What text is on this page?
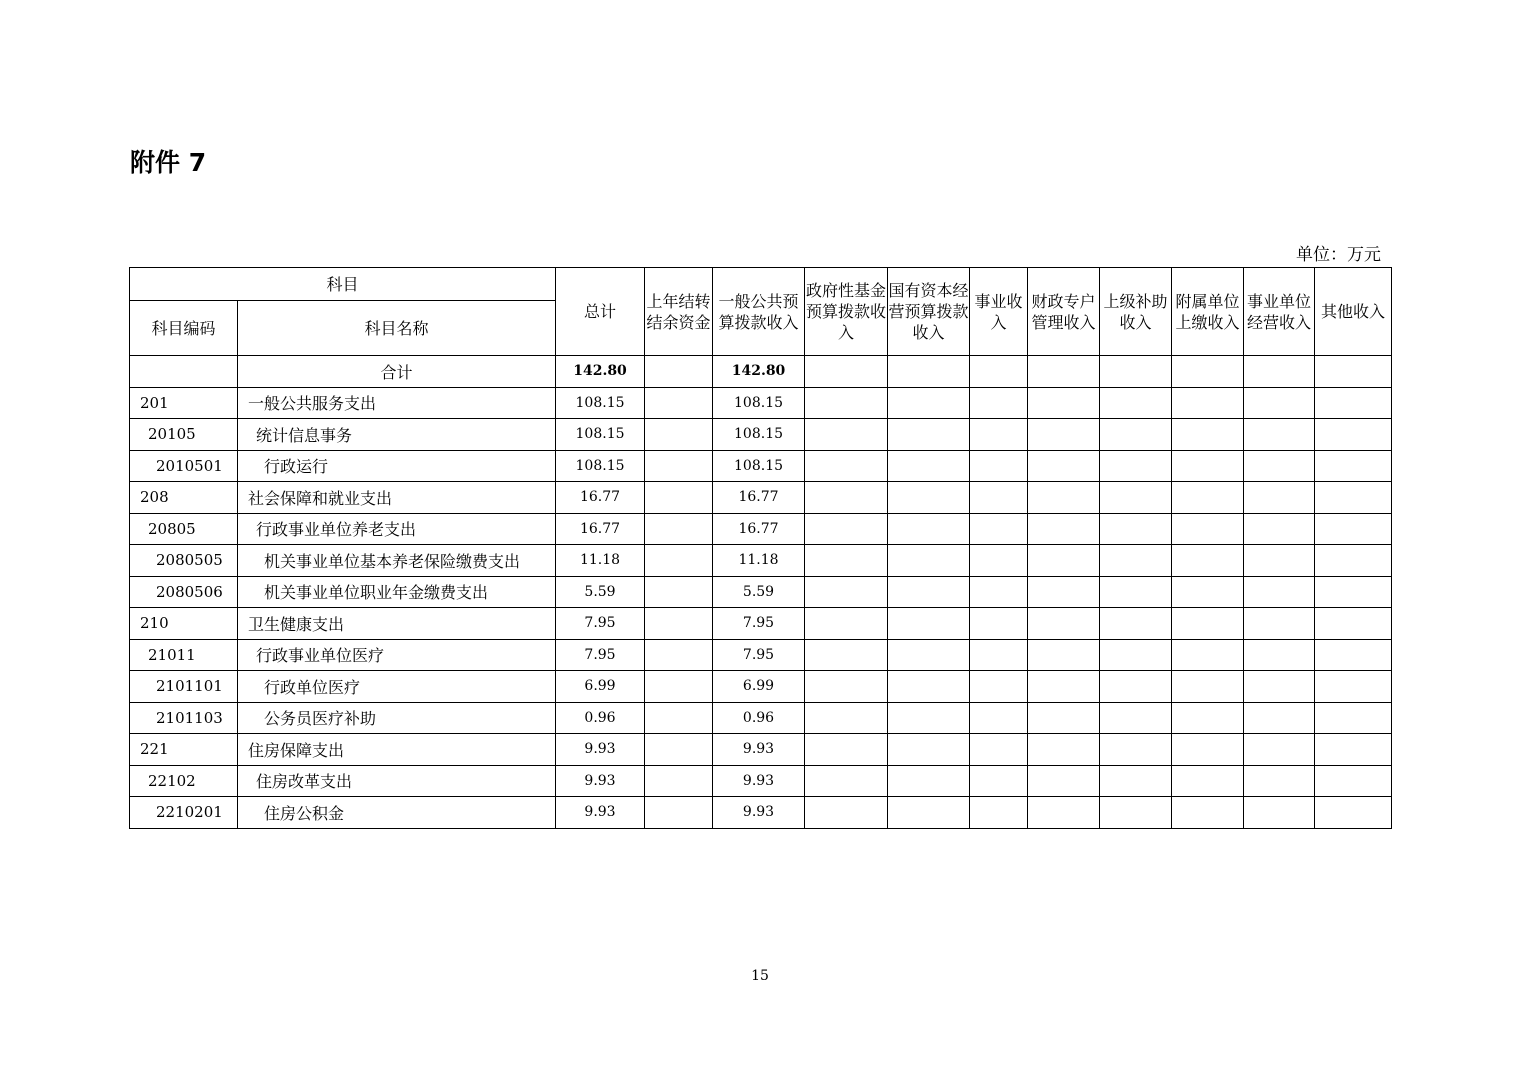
附件 7
单位：万元
科目		总计	上年结转结余资金	一般公共预算拨款收入	政府性基金预算拨款收入	国有资本经营预算拨款收入	事业收入	财政专户管理收入	上级补助收入	附属单位上缴收入	事业单位经营收入	其他收入
科目编码	科目名称											
	合计	142.80		142.80								
201	一般公共服务支出	108.15		108.15								
20105	统计信息事务	108.15		108.15								
2010501	行政运行	108.15		108.15								
208	社会保障和就业支出	16.77		16.77								
20805	行政事业单位养老支出	16.77		16.77								
2080505	机关事业单位基本养老保险缴费支出	11.18		11.18								
2080506	机关事业单位职业年金缴费支出	5.59		5.59								
210	卫生健康支出	7.95		7.95								
21011	行政事业单位医疗	7.95		7.95								
2101101	行政单位医疗	6.99		6.99								
2101103	公务员医疗补助	0.96		0.96								
221	住房保障支出	9.93		9.93								
22102	住房改革支出	9.93		9.93								
2210201	住房公积金	9.93		9.93								
15
